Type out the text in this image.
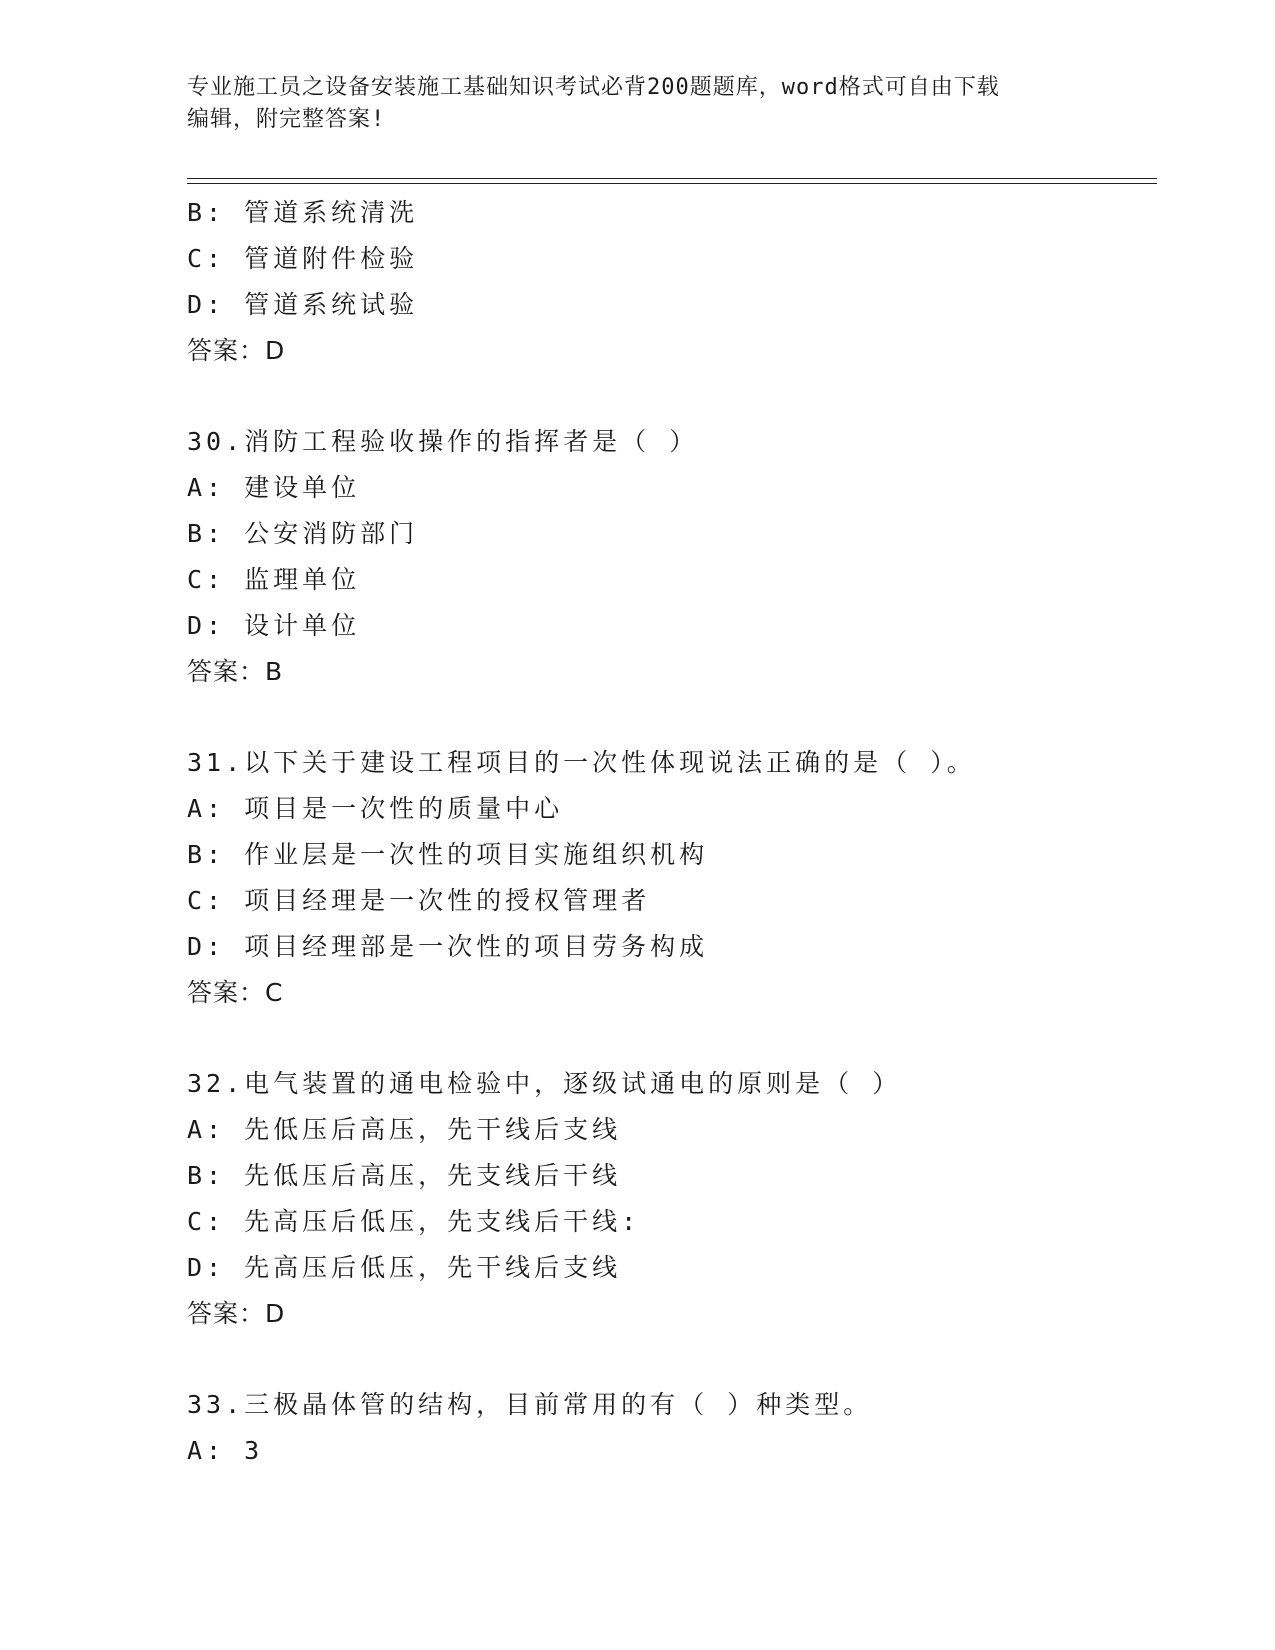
专业施工员之设备安装施工基础知识考试必背200题题库，word格式可自由下载
编辑，附完整答案!
B: 管道系统清洗
C: 管道附件检验
D: 管道系统试验
答案：D
30.消防工程验收操作的指挥者是（ ）
A: 建设单位
B: 公安消防部门
C: 监理单位
D: 设计单位
答案：B
31.以下关于建设工程项目的一次性体现说法正确的是（ ）。
A: 项目是一次性的质量中心
B: 作业层是一次性的项目实施组织机构
C: 项目经理是一次性的授权管理者
D: 项目经理部是一次性的项目劳务构成
答案：C
32.电气装置的通电检验中，逐级试通电的原则是（ ）
A: 先低压后高压，先干线后支线
B: 先低压后高压，先支线后干线
C: 先高压后低压，先支线后干线:
D: 先高压后低压，先干线后支线
答案：D
33.三极晶体管的结构，目前常用的有（ ）种类型。
A: 3
